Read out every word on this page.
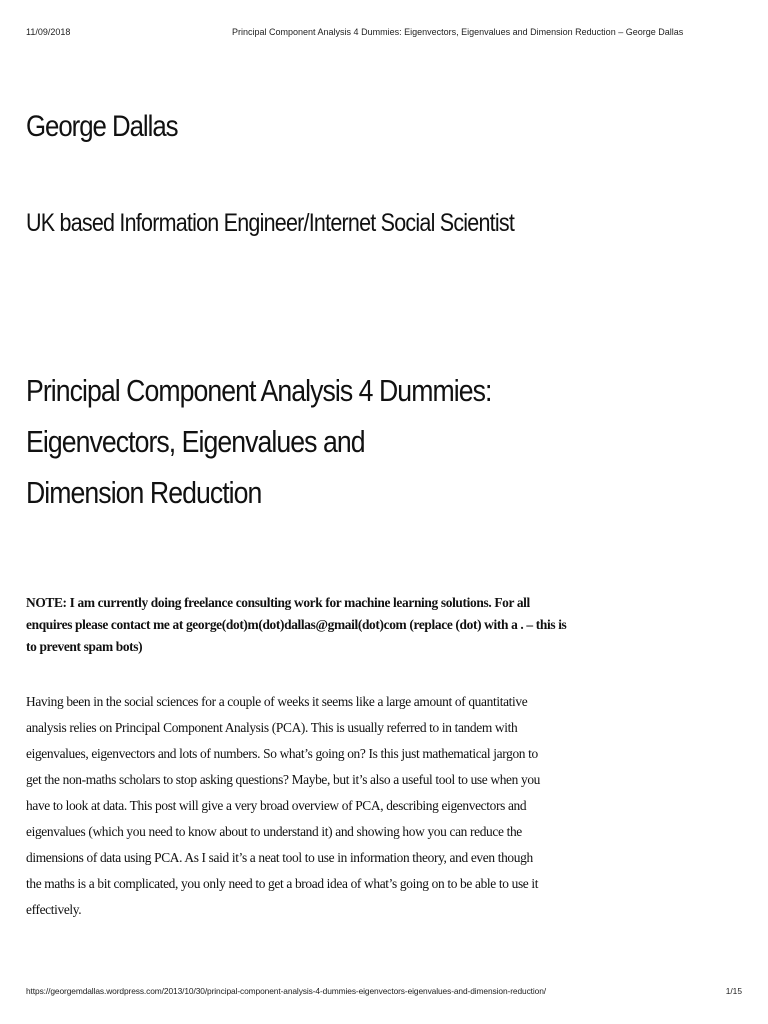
11/09/2018	Principal Component Analysis 4 Dummies: Eigenvectors, Eigenvalues and Dimension Reduction – George Dallas
George Dallas
UK based Information Engineer/Internet Social Scientist
Principal Component Analysis 4 Dummies:
Eigenvectors, Eigenvalues and
Dimension Reduction

NOTE: I am currently doing freelance consulting work for machine learning solutions. For all
enquires please contact me at george(dot)m(dot)dallas@gmail(dot)com (replace (dot) with a . – this is
to prevent spam bots)

Having been in the social sciences for a couple of weeks it seems like a large amount of quantitative
analysis relies on Principal Component Analysis (PCA). This is usually referred to in tandem with
eigenvalues, eigenvectors and lots of numbers. So what’s going on? Is this just mathematical jargon to
get the non-maths scholars to stop asking questions? Maybe, but it’s also a useful tool to use when you
have to look at data. This post will give a very broad overview of PCA, describing eigenvectors and
eigenvalues (which you need to know about to understand it) and showing how you can reduce the
dimensions of data using PCA. As I said it’s a neat tool to use in information theory, and even though
the maths is a bit complicated, you only need to get a broad idea of what’s going on to be able to use it
effectively.

https://georgemdallas.wordpress.com/2013/10/30/principal-component-analysis-4-dummies-eigenvectors-eigenvalues-and-dimension-reduction/	1/15
